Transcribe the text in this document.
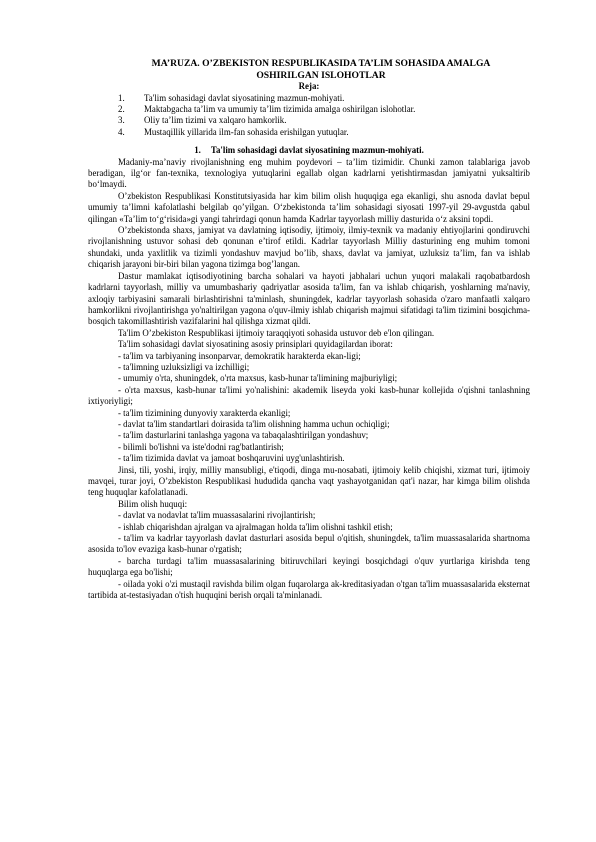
MA’RUZA. O’ZBEKISTON RESPUBLIKASIDA TA’LIM SOHASIDA AMALGA
OSHIRILGAN ISLOHOTLAR
Reja:
1.	Ta'lim sohasidagi davlat siyosatining mazmun-mohiyati.
2.	Maktabgacha ta’lim va umumiy ta’lim tizimida amalga oshirilgan islohotlar.
3.	Oliy ta’lim tizimi va xalqaro hamkorlik.
4.	Mustaqillik yillarida ilm-fan sohasida erishilgan yutuqlar.
1. Ta'lim sohasidagi davlat siyosatining mazmun-mohiyati.

Madaniy-ma’naviy rivojlanishning eng muhim poydevori – ta’lim tizimidir. Chunki zamon talablariga javob beradigan, ilg‘or fan-texnika, texnologiya yutuqlarini egallab olgan kadrlarni yetishtirmasdan jamiyatni yuksaltirib bo‘lmaydi.

O’zbekiston Respublikasi Konstitutsiyasida har kim bilim olish huquqiga ega ekanligi, shu asnoda davlat bepul umumiy ta’limni kafolatlashi belgilab qo’yilgan. O‘zbekistonda ta’lim sohasidagi siyosati 1997-yil 29-avgustda qabul qilingan «Ta’lim to‘g‘risida»gi yangi tahrirdagi qonun hamda Kadrlar tayyorlash milliy dasturida o‘z aksini topdi.

O’zbekistonda shaxs, jamiyat va davlatning iqtisodiy, ijtimoiy, ilmiy-texnik va madaniy ehtiyojlarini qondiruvchi rivojlanishning ustuvor sohasi deb qonunan e’tirof etildi. Kadrlar tayyorlash Milliy dasturining eng muhim tomoni shundaki, unda yaxlitlik va tizimli yondashuv mavjud bo’lib, shaxs, davlat va jamiyat, uzluksiz ta’lim, fan va ishlab chiqarish jarayoni bir-biri bilan yagona tizimga bog’langan.

Dastur mamlakat iqtisodiyotining barcha sohalari va hayoti jabhalari uchun yuqori malakali raqobatbardosh kadrlarni tayyorlash, milliy va umumbashariy qadriyatlar asosida ta'lim, fan va ishlab chiqarish, yoshlarning ma'naviy, axloqiy tarbiyasini samarali birlashtirishni ta'minlash, shuningdek, kadrlar tayyorlash sohasida o'zaro manfaatli xalqaro hamkorlikni rivojlantirishga yo'naltirilgan yagona o'quv-ilmiy ishlab chiqarish majmui sifatidagi ta'lim tizimini bosqichma-bosqich takomillashtirish vazifalarini hal qilishga xizmat qildi.

Ta'lim O’zbekiston Respublikasi ijtimoiy taraqqiyoti sohasida ustuvor deb e'lon qilingan.

Ta'lim sohasidagi davlat siyosatining asosiy prinsiplari quyidagilardan iborat:

- ta'lim va tarbiyaning insonparvar, demokratik harakterda ekan-ligi;

- ta'limning uzluksizligi va izchilligi;

- umumiy o'rta, shuningdek, o'rta maxsus, kasb-hunar ta'limining majburiyligi;

- o'rta maxsus, kasb-hunar ta'limi yo'nalishini: akademik liseyda yoki kasb-hunar kollejida o'qishni tanlashning ixtiyoriyligi;

- ta'lim tizimining dunyoviy xarakterda ekanligi;

- davlat ta'lim standartlari doirasida ta'lim olishning hamma uchun ochiqligi;

- ta'lim dasturlarini tanlashga yagona va tabaqalashtirilgan yondashuv;

- bilimli bo'lishni va iste'dodni rag'batlantirish;

- ta'lim tizimida davlat va jamoat boshqaruvini uyg'unlashtirish.

Jinsi, tili, yoshi, irqiy, milliy mansubligi, e'tiqodi, dinga mu-nosabati, ijtimoiy kelib chiqishi, xizmat turi, ijtimoiy mavqei, turar joyi, O’zbekiston Respublikasi hududida qancha vaqt yashayotganidan qat'i nazar, har kimga bilim olishda teng huquqlar kafolatlanadi.

Bilim olish huquqi:

- davlat va nodavlat ta'lim muassasalarini rivojlantirish;

- ishlab chiqarishdan ajralgan va ajralmagan holda ta'lim olishni tashkil etish;

- ta'lim va kadrlar tayyorlash davlat dasturlari asosida bepul o'qitish, shuningdek, ta'lim muassasalarida shartnoma asosida to'lov evaziga kasb-hunar o'rgatish;

- barcha turdagi ta'lim muassasalarining bitiruvchilari keyingi bosqichdagi o'quv yurtlariga kirishda teng huquqlarga ega bo'lishi;

- oilada yoki o'zi mustaqil ravishda bilim olgan fuqarolarga ak-kreditasiyadan o'tgan ta'lim muassasalarida eksternat tartibida at-testasiyadan o'tish huquqini berish orqali ta'minlanadi.
